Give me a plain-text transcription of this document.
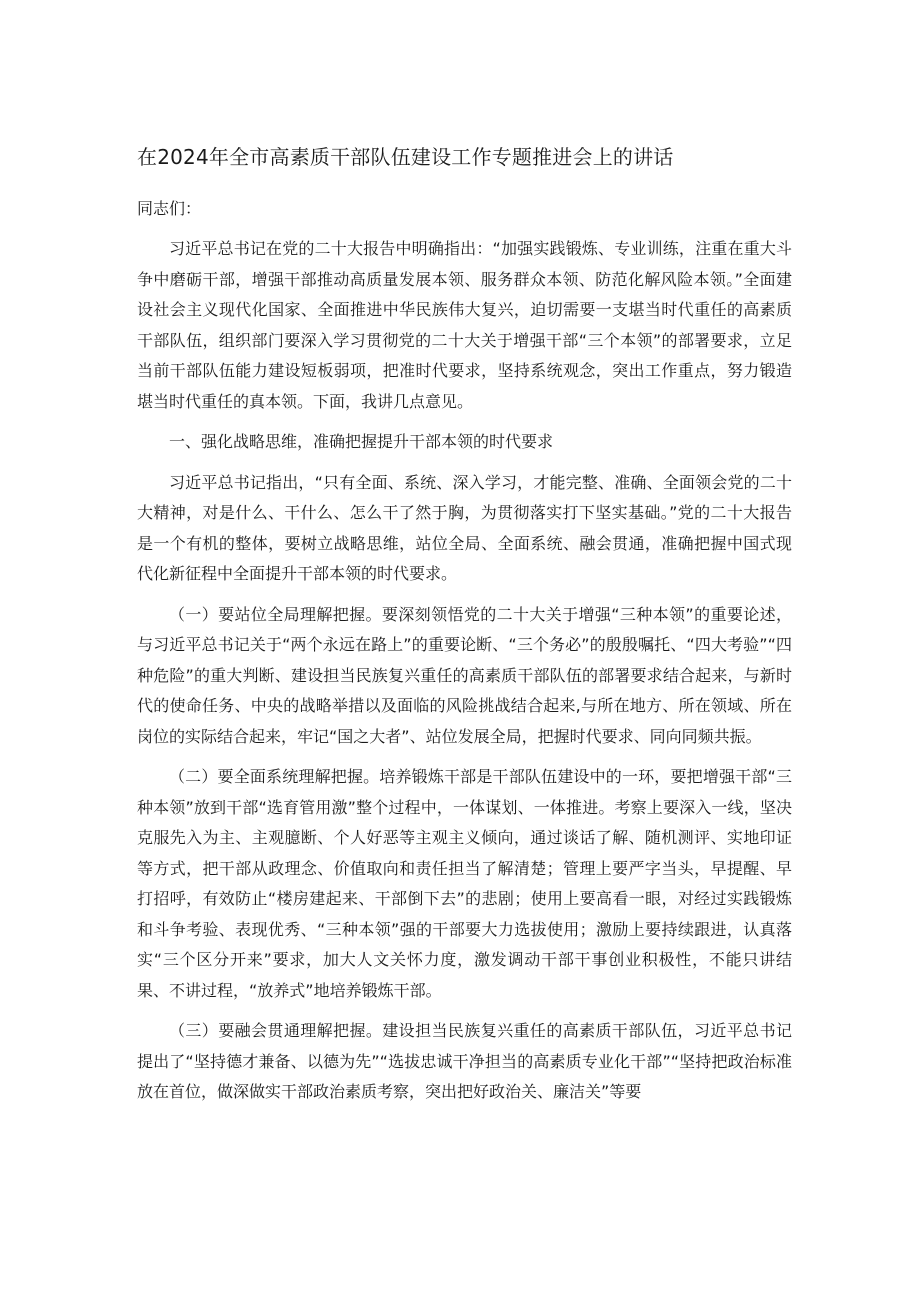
在2024年全市高素质干部队伍建设工作专题推进会上的讲话

同志们：

习近平总书记在党的二十大报告中明确指出：“加强实践锻炼、专业训练，注重在重大斗争中磨砺干部，增强干部推动高质量发展本领、服务群众本领、防范化解风险本领。”全面建设社会主义现代化国家、全面推进中华民族伟大复兴，迫切需要一支堪当时代重任的高素质干部队伍，组织部门要深入学习贯彻党的二十大关于增强干部“三个本领”的部署要求，立足当前干部队伍能力建设短板弱项，把准时代要求，坚持系统观念，突出工作重点，努力锻造堪当时代重任的真本领。下面，我讲几点意见。

一、强化战略思维，准确把握提升干部本领的时代要求

习近平总书记指出，“只有全面、系统、深入学习，才能完整、准确、全面领会党的二十大精神，对是什么、干什么、怎么干了然于胸，为贯彻落实打下坚实基础。”党的二十大报告是一个有机的整体，要树立战略思维，站位全局、全面系统、融会贯通，准确把握中国式现代化新征程中全面提升干部本领的时代要求。

（一）要站位全局理解把握。要深刻领悟党的二十大关于增强“三种本领”的重要论述，与习近平总书记关于“两个永远在路上”的重要论断、“三个务必”的殷殷嘱托、“四大考验”“四种危险”的重大判断、建设担当民族复兴重任的高素质干部队伍的部署要求结合起来，与新时代的使命任务、中央的战略举措以及面临的风险挑战结合起来,与所在地方、所在领域、所在岗位的实际结合起来，牢记“国之大者”、站位发展全局，把握时代要求、同向同频共振。

（二）要全面系统理解把握。培养锻炼干部是干部队伍建设中的一环，要把增强干部“三种本领”放到干部“选育管用激”整个过程中，一体谋划、一体推进。考察上要深入一线，坚决克服先入为主、主观臆断、个人好恶等主观主义倾向，通过谈话了解、随机测评、实地印证等方式，把干部从政理念、价值取向和责任担当了解清楚；管理上要严字当头，早提醒、早打招呼，有效防止“楼房建起来、干部倒下去”的悲剧；使用上要高看一眼，对经过实践锻炼和斗争考验、表现优秀、“三种本领”强的干部要大力选拔使用；激励上要持续跟进，认真落实“三个区分开来”要求，加大人文关怀力度，激发调动干部干事创业积极性，不能只讲结果、不讲过程，“放养式”地培养锻炼干部。

（三）要融会贯通理解把握。建设担当民族复兴重任的高素质干部队伍，习近平总书记提出了“坚持德才兼备、以德为先”“选拔忠诚干净担当的高素质专业化干部”“坚持把政治标准放在首位，做深做实干部政治素质考察，突出把好政治关、廉洁关”等要
